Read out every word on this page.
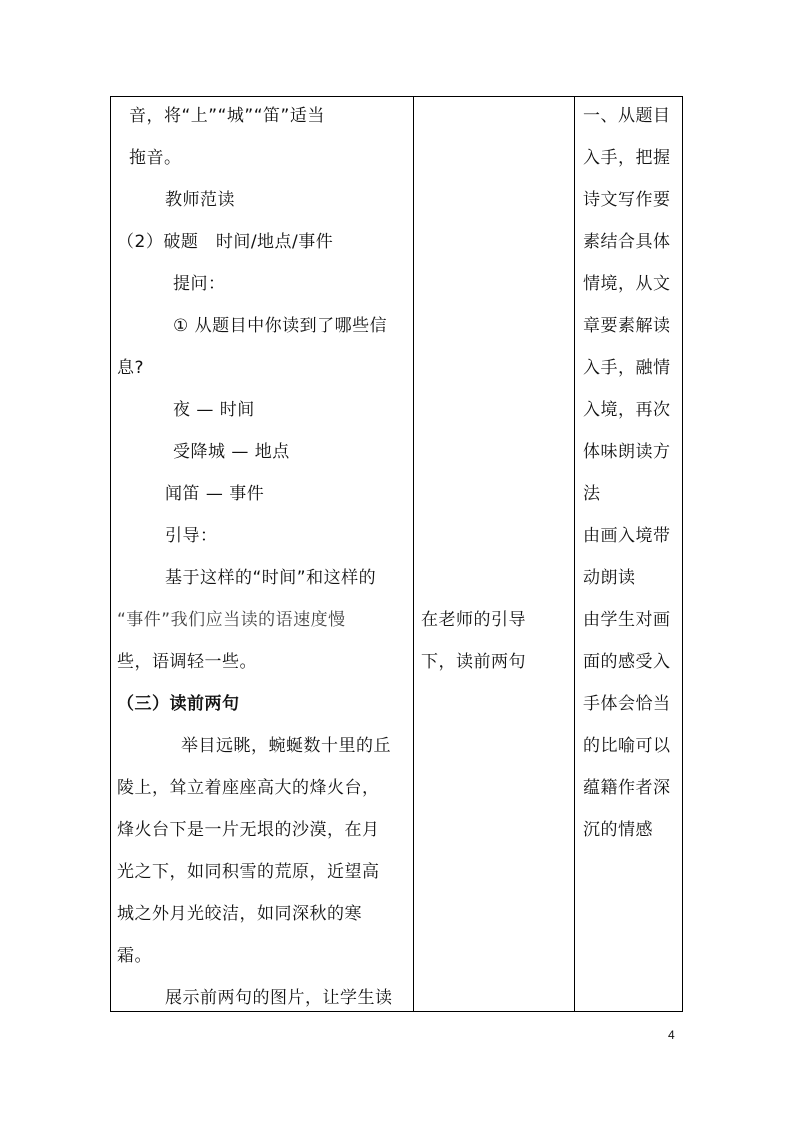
音，将“上”“城”“笛”适当
拖音。
教师范读
（2）破题　时间/地点/事件
提问：
① 从题目中你读到了哪些信
息?
夜 — 时间
受降城 — 地点
闻笛 — 事件
引导：
基于这样的“时间”和这样的
“事件”我们应当读的语速度慢
些，语调轻一些。
（三）读前两句
举目远眺，蜿蜒数十里的丘
陵上，耸立着座座高大的烽火台，
烽火台下是一片无垠的沙漠，在月
光之下，如同积雪的荒原，近望高
城之外月光皎洁，如同深秋的寒
霜。
展示前两句的图片，让学生读
在老师的引导
下，读前两句
一、从题目
入手，把握
诗文写作要
素结合具体
情境，从文
章要素解读
入手，融情
入境，再次
体味朗读方
法
由画入境带
动朗读
由学生对画
面的感受入
手体会恰当
的比喻可以
蕴籍作者深
沉的情感
4
